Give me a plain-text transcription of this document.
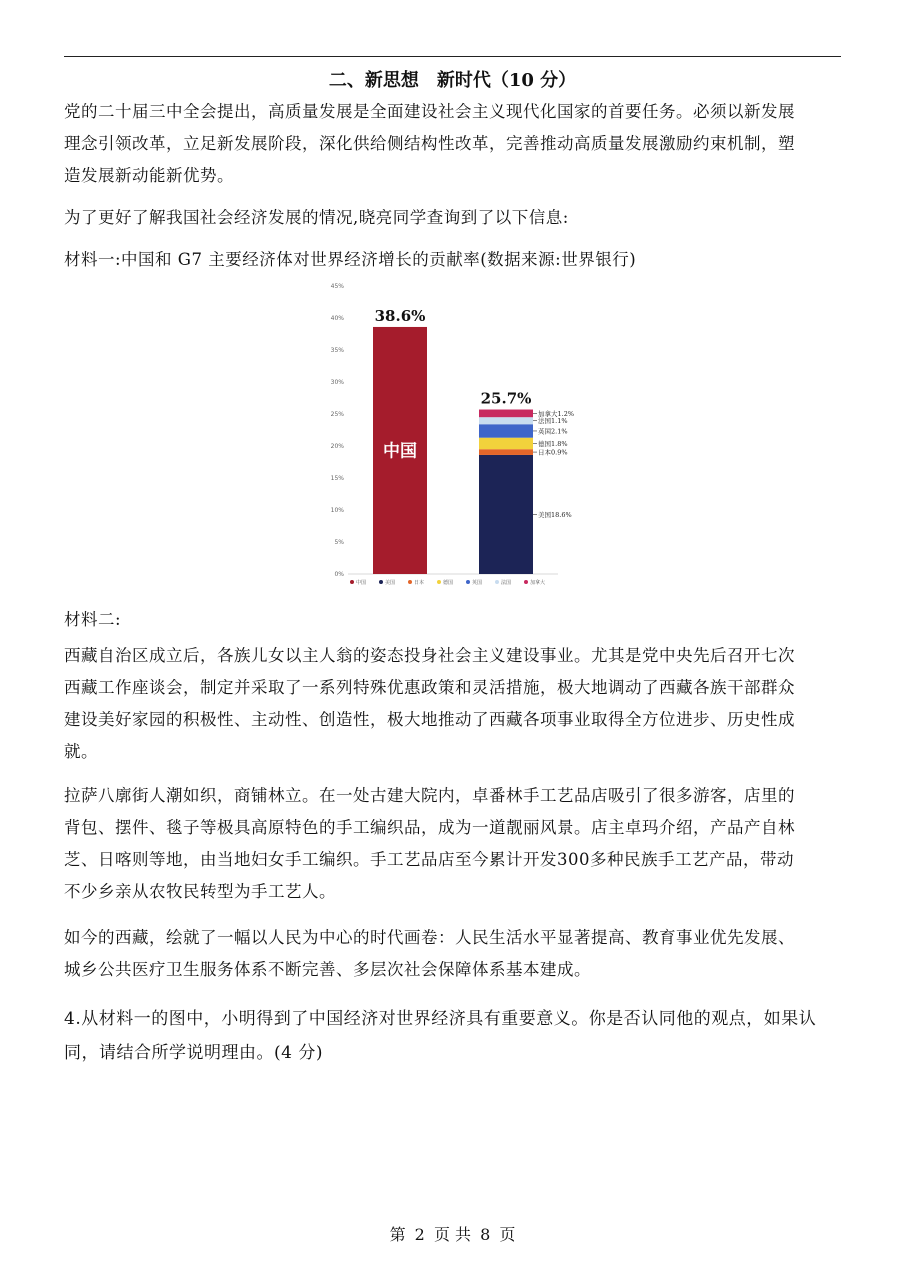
二、新思想　新时代（10 分）

党的二十届三中全会提出，高质量发展是全面建设社会主义现代化国家的首要任务。必须以新发展

理念引领改革，立足新发展阶段，深化供给侧结构性改革，完善推动高质量发展激励约束机制，塑

造发展新动能新优势。

为了更好了解我国社会经济发展的情况,晓亮同学查询到了以下信息:
材料一:中国和 G7 主要经济体对世界经济增长的贡献率(数据来源:世界银行)
0%
5%
10%
15%
20%
25%
30%
35%
40%
45%
38.6%
中国
美国18.6%
日本0.9%
德国1.8%
英国2.1%
法国1.1%
加拿大1.2%
25.7%
中国	美国	日本	德国	英国	法国	加拿大
材料二:

西藏自治区成立后，各族儿女以主人翁的姿态投身社会主义建设事业。尤其是党中央先后召开七次

西藏工作座谈会，制定并采取了一系列特殊优惠政策和灵活措施，极大地调动了西藏各族干部群众

建设美好家园的积极性、主动性、创造性，极大地推动了西藏各项事业取得全方位进步、历史性成

就。

拉萨八廓街人潮如织，商铺林立。在一处古建大院内，卓番林手工艺品店吸引了很多游客，店里的

背包、摆件、毯子等极具高原特色的手工编织品，成为一道靓丽风景。店主卓玛介绍，产品产自林

芝、日喀则等地，由当地妇女手工编织。手工艺品店至今累计开发300多种民族手工艺产品，带动

不少乡亲从农牧民转型为手工艺人。

如今的西藏，绘就了一幅以人民为中心的时代画卷：人民生活水平显著提高、教育事业优先发展、

城乡公共医疗卫生服务体系不断完善、多层次社会保障体系基本建成。

4.从材料一的图中，小明得到了中国经济对世界经济具有重要意义。你是否认同他的观点，如果认

同，请结合所学说明理由。(4 分)

第 2 页 共 8 页
